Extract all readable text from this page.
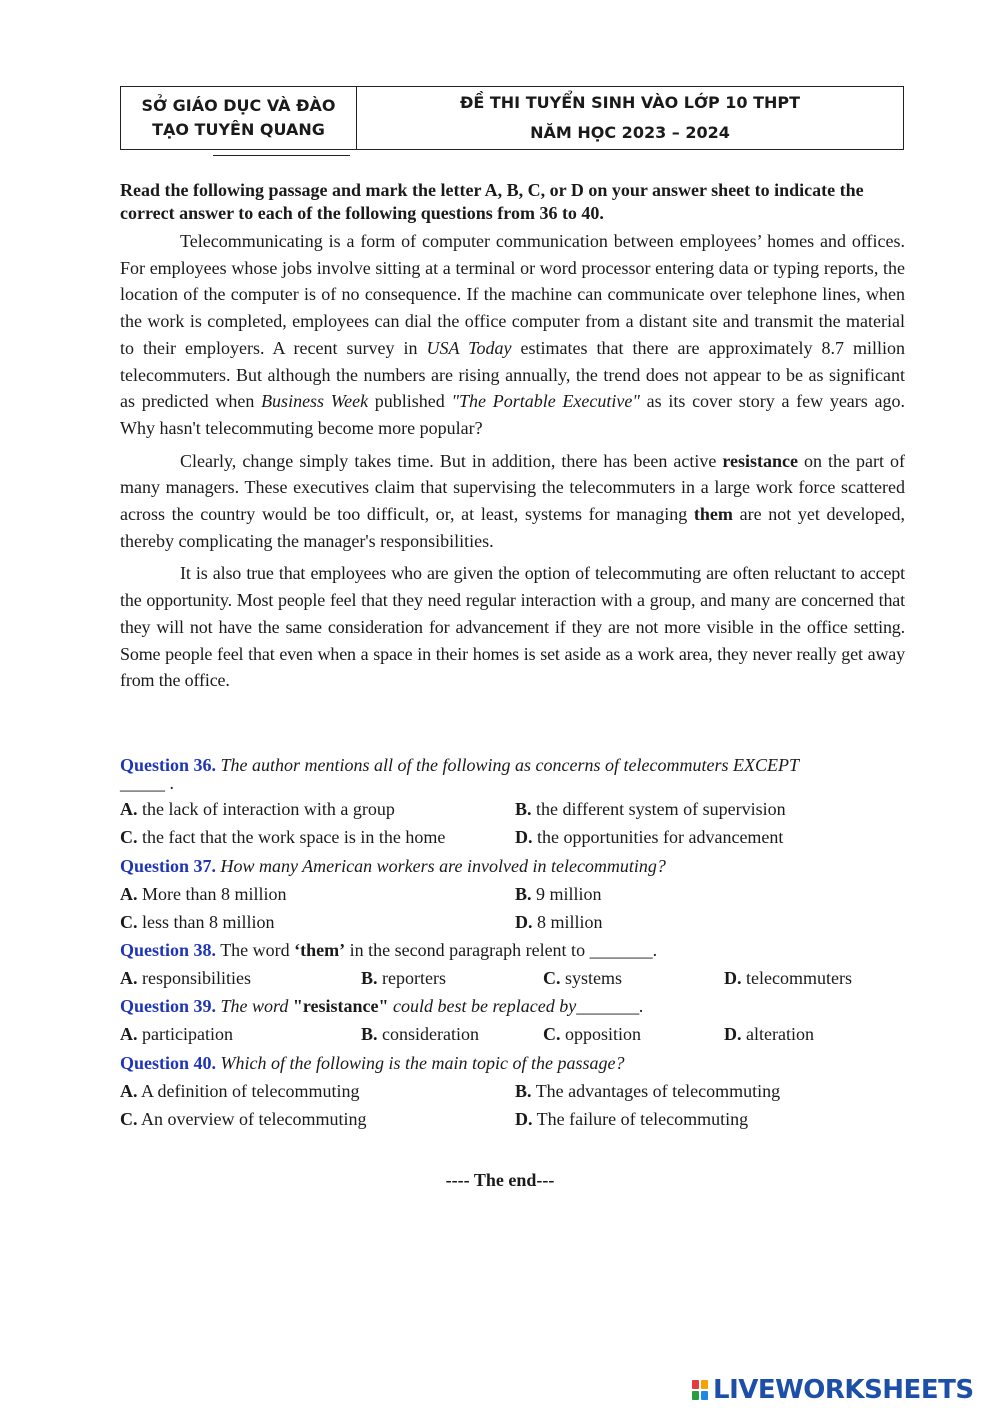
SỞ GIÁO DỤC VÀ ĐÀO
TẠO TUYÊN QUANG
ĐỀ THI TUYỂN SINH VÀO LỚP 10 THPT
NĂM HỌC 2023 – 2024
Read the following passage and mark the letter A, B, C, or D on your answer sheet to indicate the correct answer to each of the following questions from 36 to 40.

Telecommunicating is a form of computer communication between employees’ homes and offices. For employees whose jobs involve sitting at a terminal or word processor entering data or typing reports, the location of the computer is of no consequence. If the machine can communicate over telephone lines, when the work is completed, employees can dial the office computer from a distant site and transmit the material to their employers. A recent survey in USA Today estimates that there are approximately 8.7 million telecommuters. But although the numbers are rising annually, the trend does not appear to be as significant as predicted when Business Week published "The Portable Executive" as its cover story a few years ago. Why hasn't telecommuting become more popular?

Clearly, change simply takes time. But in addition, there has been active resistance on the part of many managers. These executives claim that supervising the telecommuters in a large work force scattered across the country would be too difficult, or, at least, systems for managing them are not yet developed, thereby complicating the manager's responsibilities.

It is also true that employees who are given the option of telecommuting are often reluctant to accept the opportunity. Most people feel that they need regular interaction with a group, and many are concerned that they will not have the same consideration for advancement if they are not more visible in the office setting. Some people feel that even when a space in their homes is set aside as a work area, they never really get away from the office.

Question 36. The author mentions all of the following as concerns of telecommuters EXCEPT
_____ .
A. the lack of interaction with a group	B. the different system of supervision
C. the fact that the work space is in the home	D. the opportunities for advancement
Question 37. How many American workers are involved in telecommuting?
A. More than 8 million	B. 9 million
C. less than 8 million	D. 8 million
Question 38. The word ‘them’ in the second paragraph relent to _______.
A. responsibilities	B. reporters	C. systems	D. telecommuters
Question 39. The word "resistance" could best be replaced by_______.
A. participation	B. consideration	C. opposition	D. alteration
Question 40. Which of the following is the main topic of the passage?
A. A definition of telecommuting	B. The advantages of telecommuting
C. An overview of telecommuting	D. The failure of telecommuting
---- The end---
LIVEWORKSHEETS
